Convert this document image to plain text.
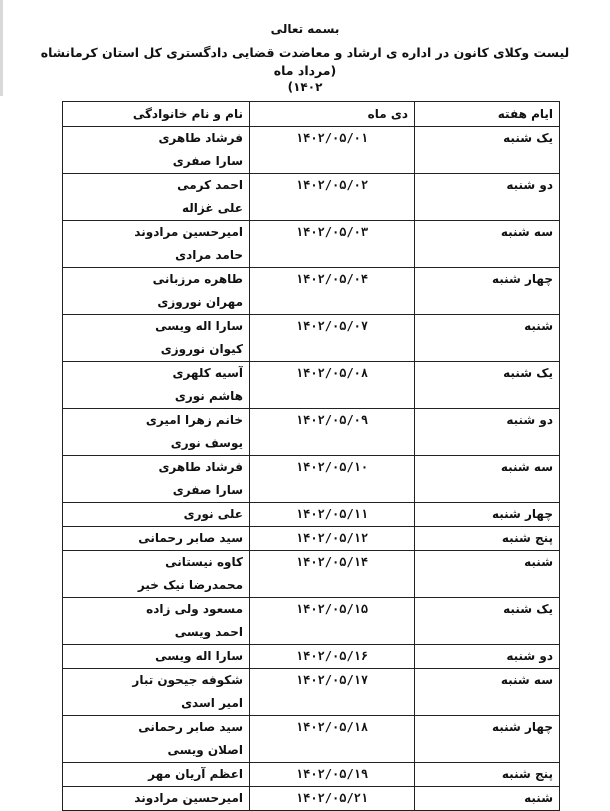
بسمه تعالی
لیست وکلای کانون در اداره ی ارشاد و معاضدت قضایی دادگستری کل استان کرمانشاه (مرداد ماه
۱۴۰۲)
ایام هفته	دی ماه	نام و نام خانوادگی

یک شنبه	۱۴۰۲/۰۵/۰۱	فرشاد طاهری
سارا صفری

دو شنبه	۱۴۰۲/۰۵/۰۲	احمد کرمی
علی غزاله

سه شنبه	۱۴۰۲/۰۵/۰۳	امیرحسین مرادوند
حامد مرادی

چهار شنبه	۱۴۰۲/۰۵/۰۴	طاهره مرزبانی
مهران نوروزی

شنبه	۱۴۰۲/۰۵/۰۷	سارا اله ویسی
کیوان نوروزی

یک شنبه	۱۴۰۲/۰۵/۰۸	آسیه کلهری
هاشم نوری

دو شنبه	۱۴۰۲/۰۵/۰۹	خانم زهرا امیری
یوسف نوری

سه شنبه	۱۴۰۲/۰۵/۱۰	فرشاد طاهری
سارا صفری

چهار شنبه	۱۴۰۲/۰۵/۱۱	علی نوری

پنج شنبه	۱۴۰۲/۰۵/۱۲	سید صابر رحمانی

شنبه	۱۴۰۲/۰۵/۱۴	کاوه نیستانی
محمدرضا نیک خیر

یک شنبه	۱۴۰۲/۰۵/۱۵	مسعود ولی زاده
احمد ویسی

دو شنبه	۱۴۰۲/۰۵/۱۶	سارا اله ویسی

سه شنبه	۱۴۰۲/۰۵/۱۷	شکوفه جیحون تبار
امیر اسدی

چهار شنبه	۱۴۰۲/۰۵/۱۸	سید صابر رحمانی
اصلان ویسی

پنج شنبه	۱۴۰۲/۰۵/۱۹	اعظم آریان مهر

شنبه	۱۴۰۲/۰۵/۲۱	امیرحسین مرادوند
